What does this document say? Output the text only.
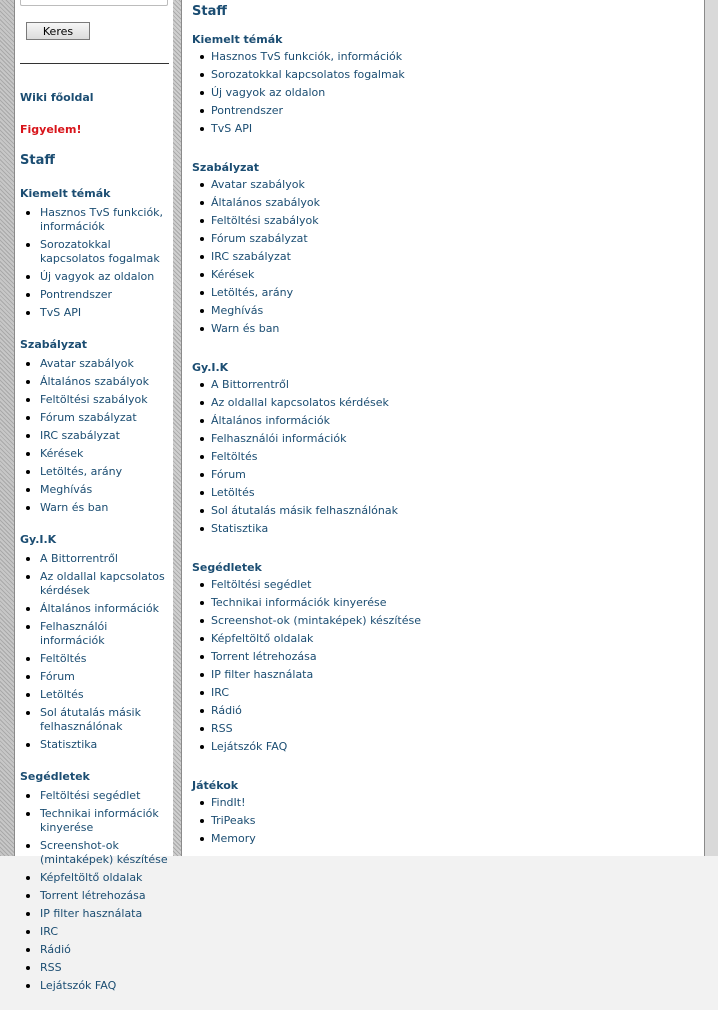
Keres
Wiki főoldal
Figyelem!
Staff
Kiemelt témák
Hasznos TvS funkciók, információk
Sorozatokkal kapcsolatos fogalmak
Új vagyok az oldalon
Pontrendszer
TvS API
Szabályzat
Avatar szabályok
Általános szabályok
Feltöltési szabályok
Fórum szabályzat
IRC szabályzat
Kérések
Letöltés, arány
Meghívás
Warn és ban
Gy.I.K
A Bittorrentről
Az oldallal kapcsolatos kérdések
Általános információk
Felhasználói információk
Feltöltés
Fórum
Letöltés
Sol átutalás másik felhasználónak
Statisztika
Segédletek
Feltöltési segédlet
Technikai információk kinyerése
Screenshot-ok (mintaképek) készítése
Képfeltöltő oldalak
Torrent létrehozása
IP filter használata
IRC
Rádió
RSS
Lejátszók FAQ
Staff
Kiemelt témák
Hasznos TvS funkciók, információk
Sorozatokkal kapcsolatos fogalmak
Új vagyok az oldalon
Pontrendszer
TvS API
Szabályzat
Avatar szabályok
Általános szabályok
Feltöltési szabályok
Fórum szabályzat
IRC szabályzat
Kérések
Letöltés, arány
Meghívás
Warn és ban
Gy.I.K
A Bittorrentről
Az oldallal kapcsolatos kérdések
Általános információk
Felhasználói információk
Feltöltés
Fórum
Letöltés
Sol átutalás másik felhasználónak
Statisztika
Segédletek
Feltöltési segédlet
Technikai információk kinyerése
Screenshot-ok (mintaképek) készítése
Képfeltöltő oldalak
Torrent létrehozása
IP filter használata
IRC
Rádió
RSS
Lejátszók FAQ
Játékok
FindIt!
TriPeaks
Memory
